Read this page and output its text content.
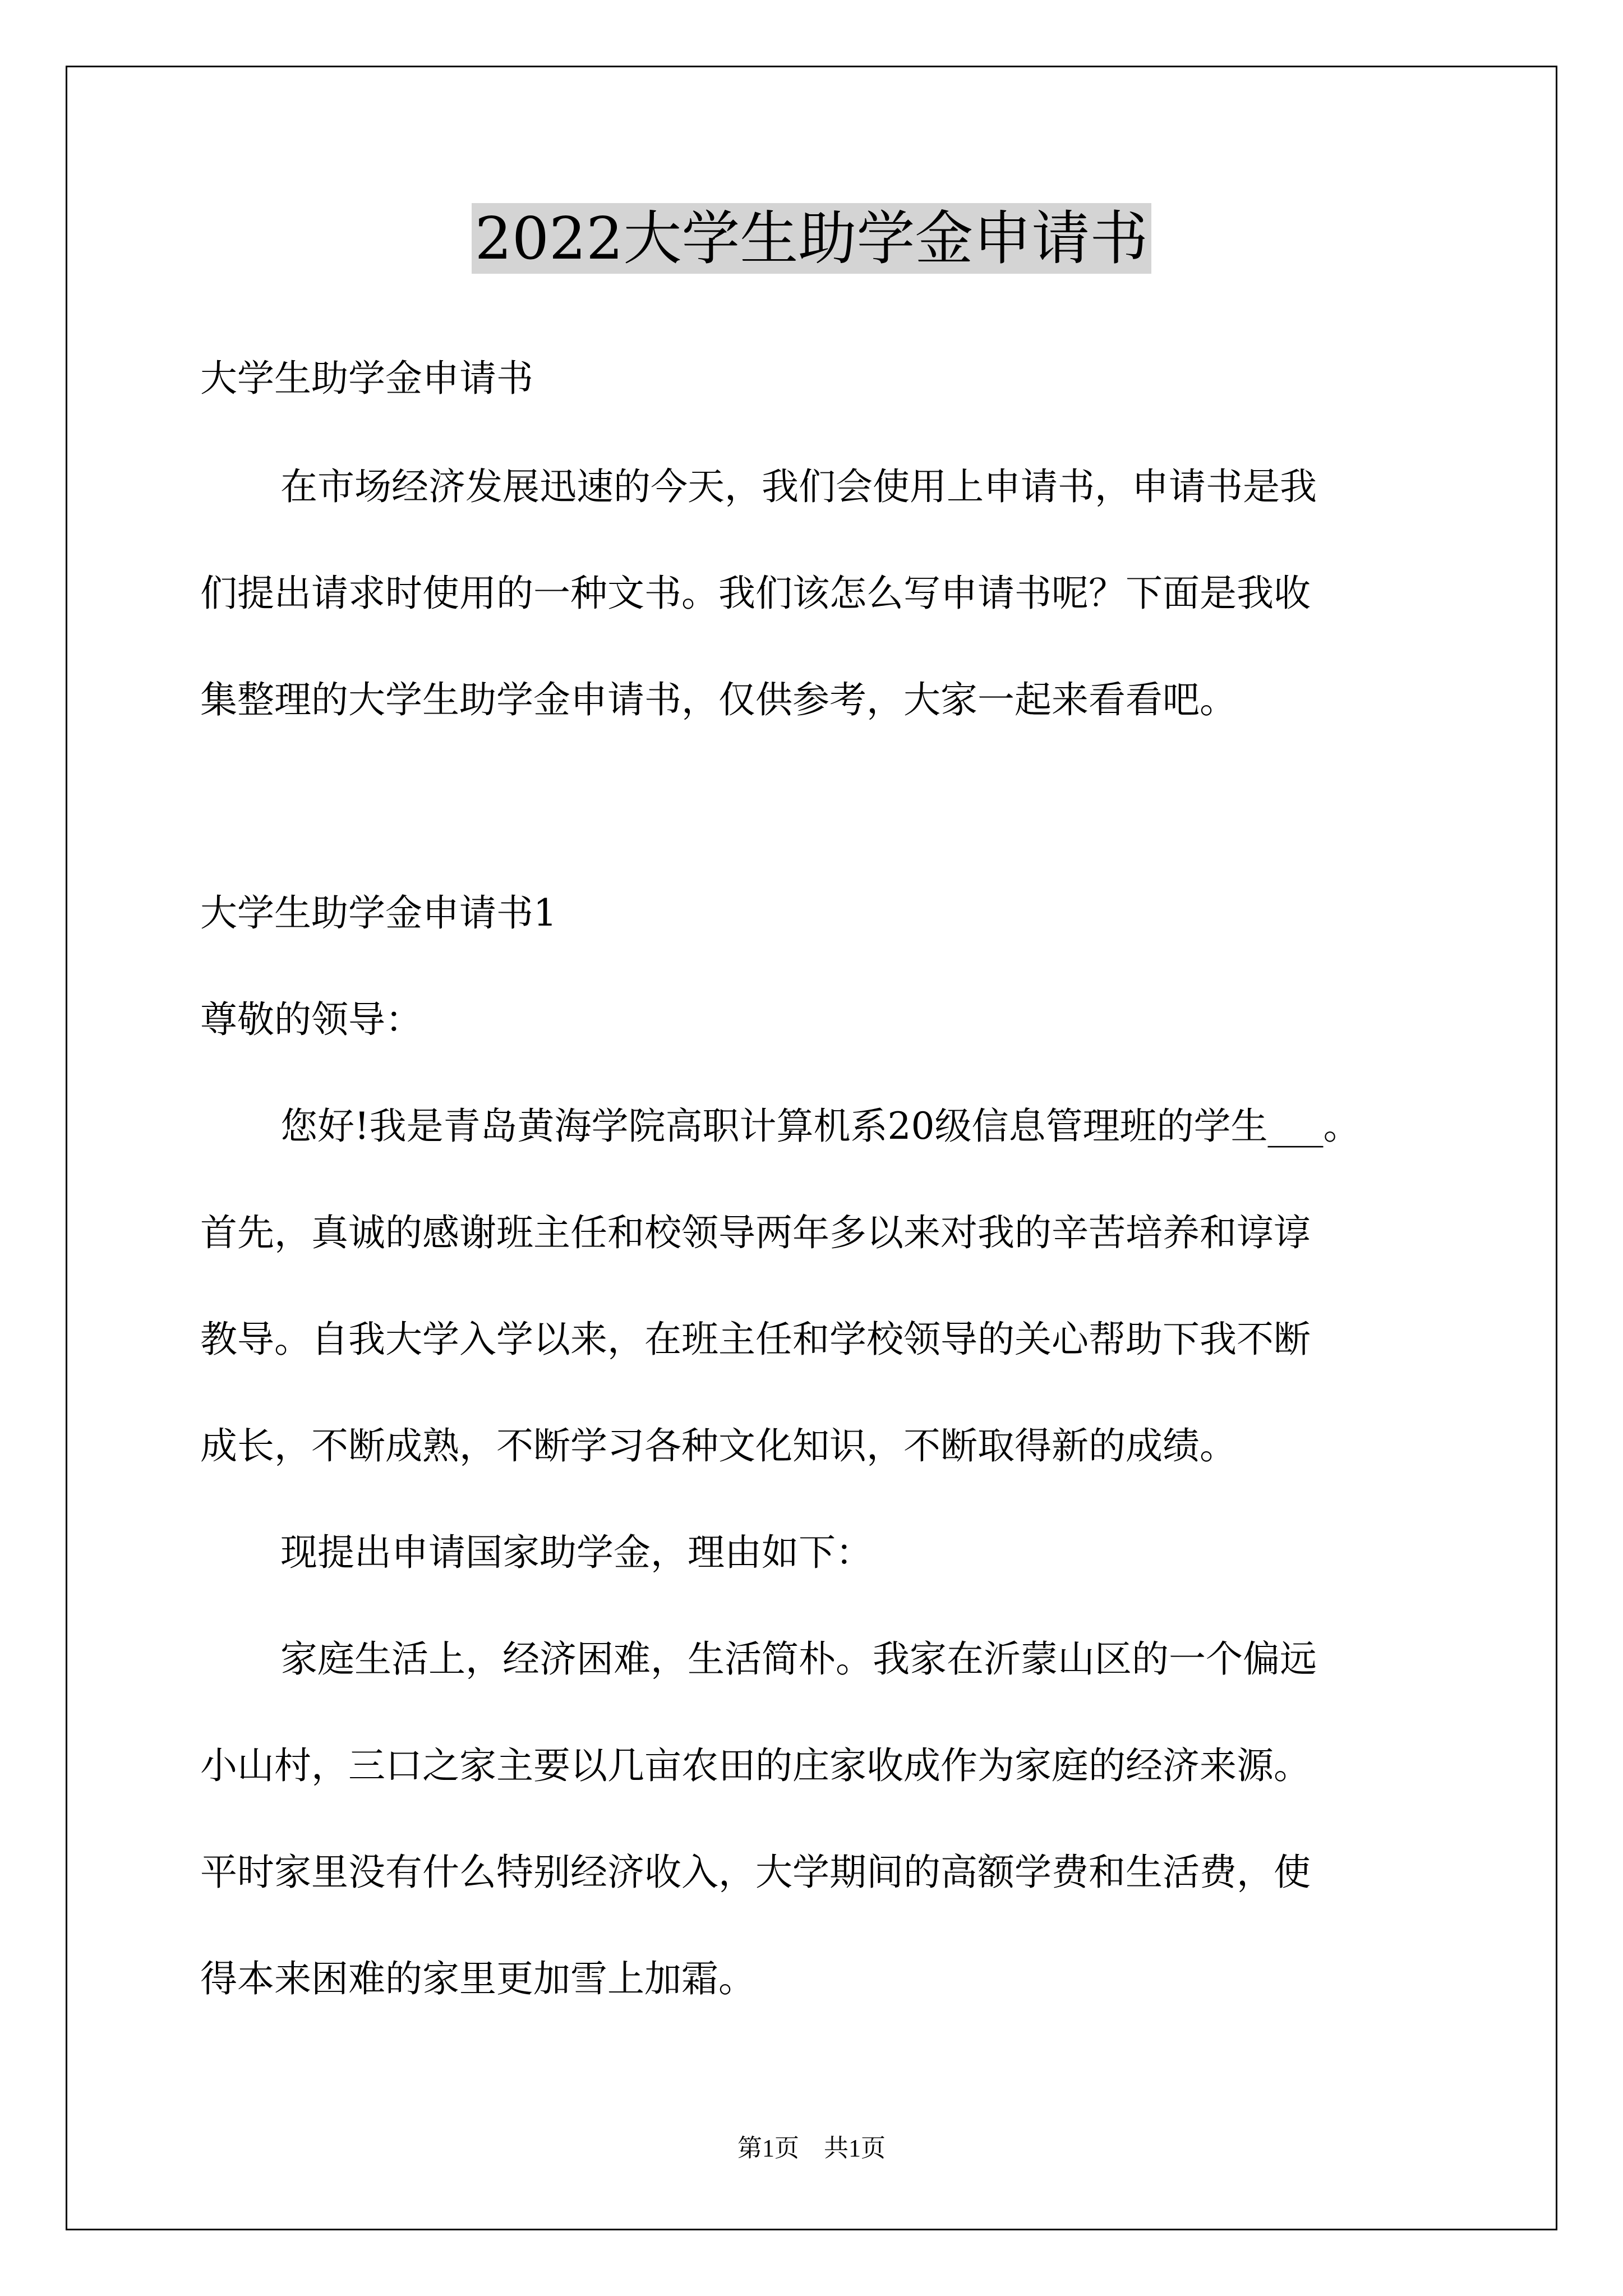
2022大学生助学金申请书
大学生助学金申请书
在市场经济发展迅速的今天，我们会使用上申请书，申请书是我
们提出请求时使用的一种文书。我们该怎么写申请书呢？下面是我收
集整理的大学生助学金申请书，仅供参考，大家一起来看看吧。
大学生助学金申请书1
尊敬的领导：
您好!我是青岛黄海学院高职计算机系20级信息管理班的学生___。
首先，真诚的感谢班主任和校领导两年多以来对我的辛苦培养和谆谆
教导。自我大学入学以来，在班主任和学校领导的关心帮助下我不断
成长，不断成熟，不断学习各种文化知识，不断取得新的成绩。
现提出申请国家助学金，理由如下：
家庭生活上，经济困难，生活简朴。我家在沂蒙山区的一个偏远
小山村，三口之家主要以几亩农田的庄家收成作为家庭的经济来源。
平时家里没有什么特别经济收入，大学期间的高额学费和生活费，使
得本来困难的家里更加雪上加霜。
第1页　共1页
